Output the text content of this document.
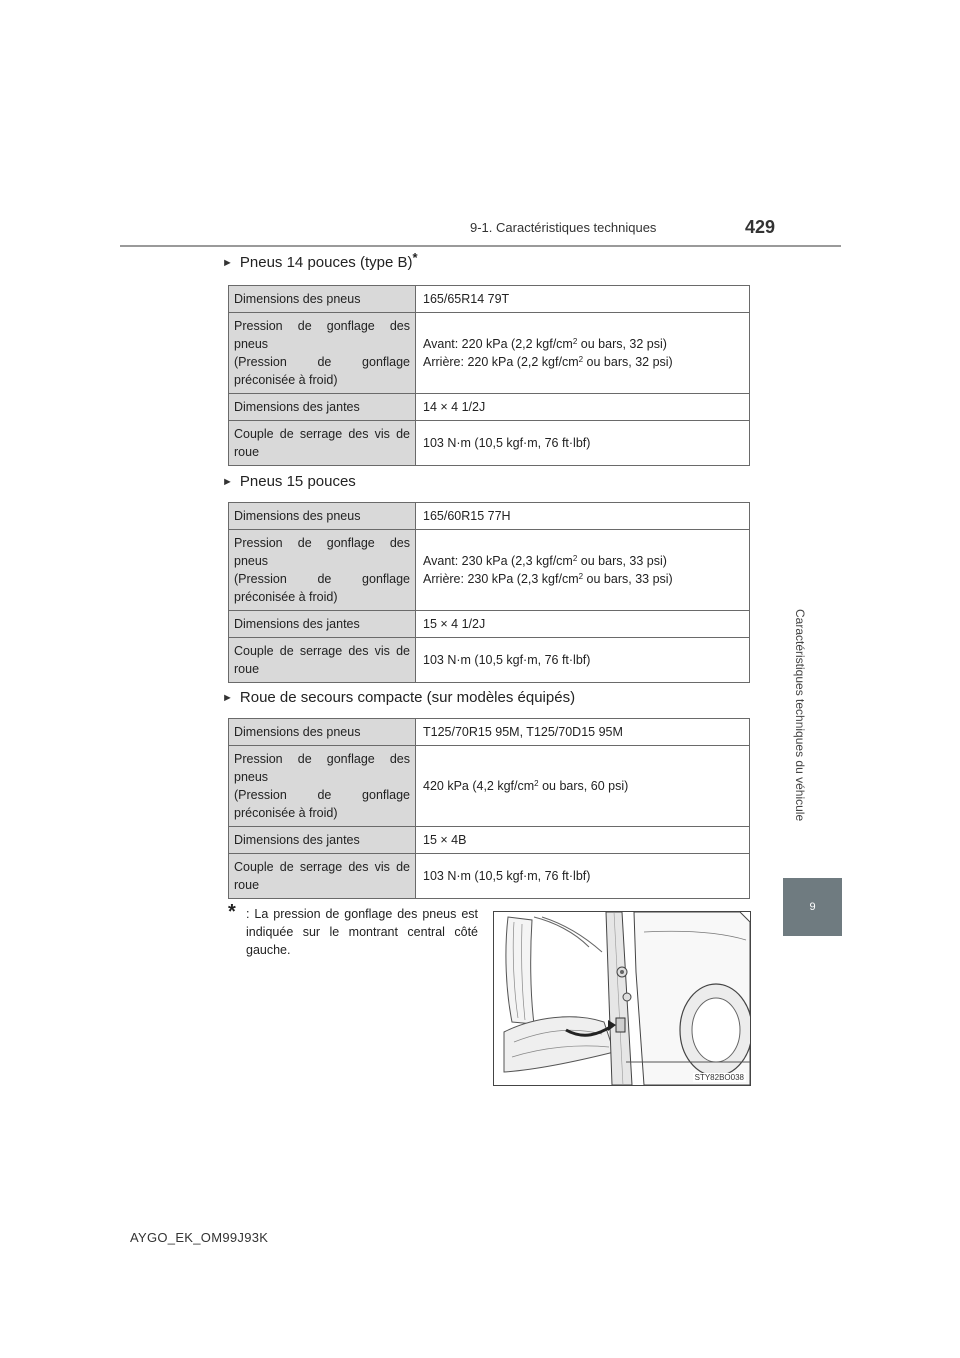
9-1. Caractéristiques techniques	429
Caractéristiques techniques du véhicule
9
► Pneus 14 pouces (type B)*
Dimensions des pneus	165/65R14 79T

Pression de gonflage des pneus
(Pression de gonflage préconisée à froid)	Avant: 220 kPa (2,2 kgf/$cm^2$ ou bars, 32 psi)
Arrière: 220 kPa (2,2 kgf/$cm^2$ ou bars, 32 psi)

Dimensions des jantes	14 × 4 1/2J
Couple de serrage des vis de roue	103 N·m (10,5 kgf·m, 76 ft·lbf)
► Pneus 15 pouces
Dimensions des pneus	165/60R15 77H

Pression de gonflage des pneus
(Pression de gonflage préconisée à froid)	Avant: 230 kPa (2,3 kgf/$cm^2$ ou bars, 33 psi)
Arrière: 230 kPa (2,3 kgf/$cm^2$ ou bars, 33 psi)

Dimensions des jantes	15 × 4 1/2J
Couple de serrage des vis de roue	103 N·m (10,5 kgf·m, 76 ft·lbf)
► Roue de secours compacte (sur modèles équipés)
Dimensions des pneus	T125/70R15 95M, T125/70D15 95M

Pression de gonflage des pneus
(Pression de gonflage préconisée à froid)	420 kPa (4,2 kgf/$cm^2$ ou bars, 60 psi)

Dimensions des jantes	15 × 4B
Couple de serrage des vis de roue	103 N·m (10,5 kgf·m, 76 ft·lbf)
* : La pression de gonflage des pneus est indiquée sur le montrant central côté gauche.
STY82BO038
AYGO_EK_OM99J93K
